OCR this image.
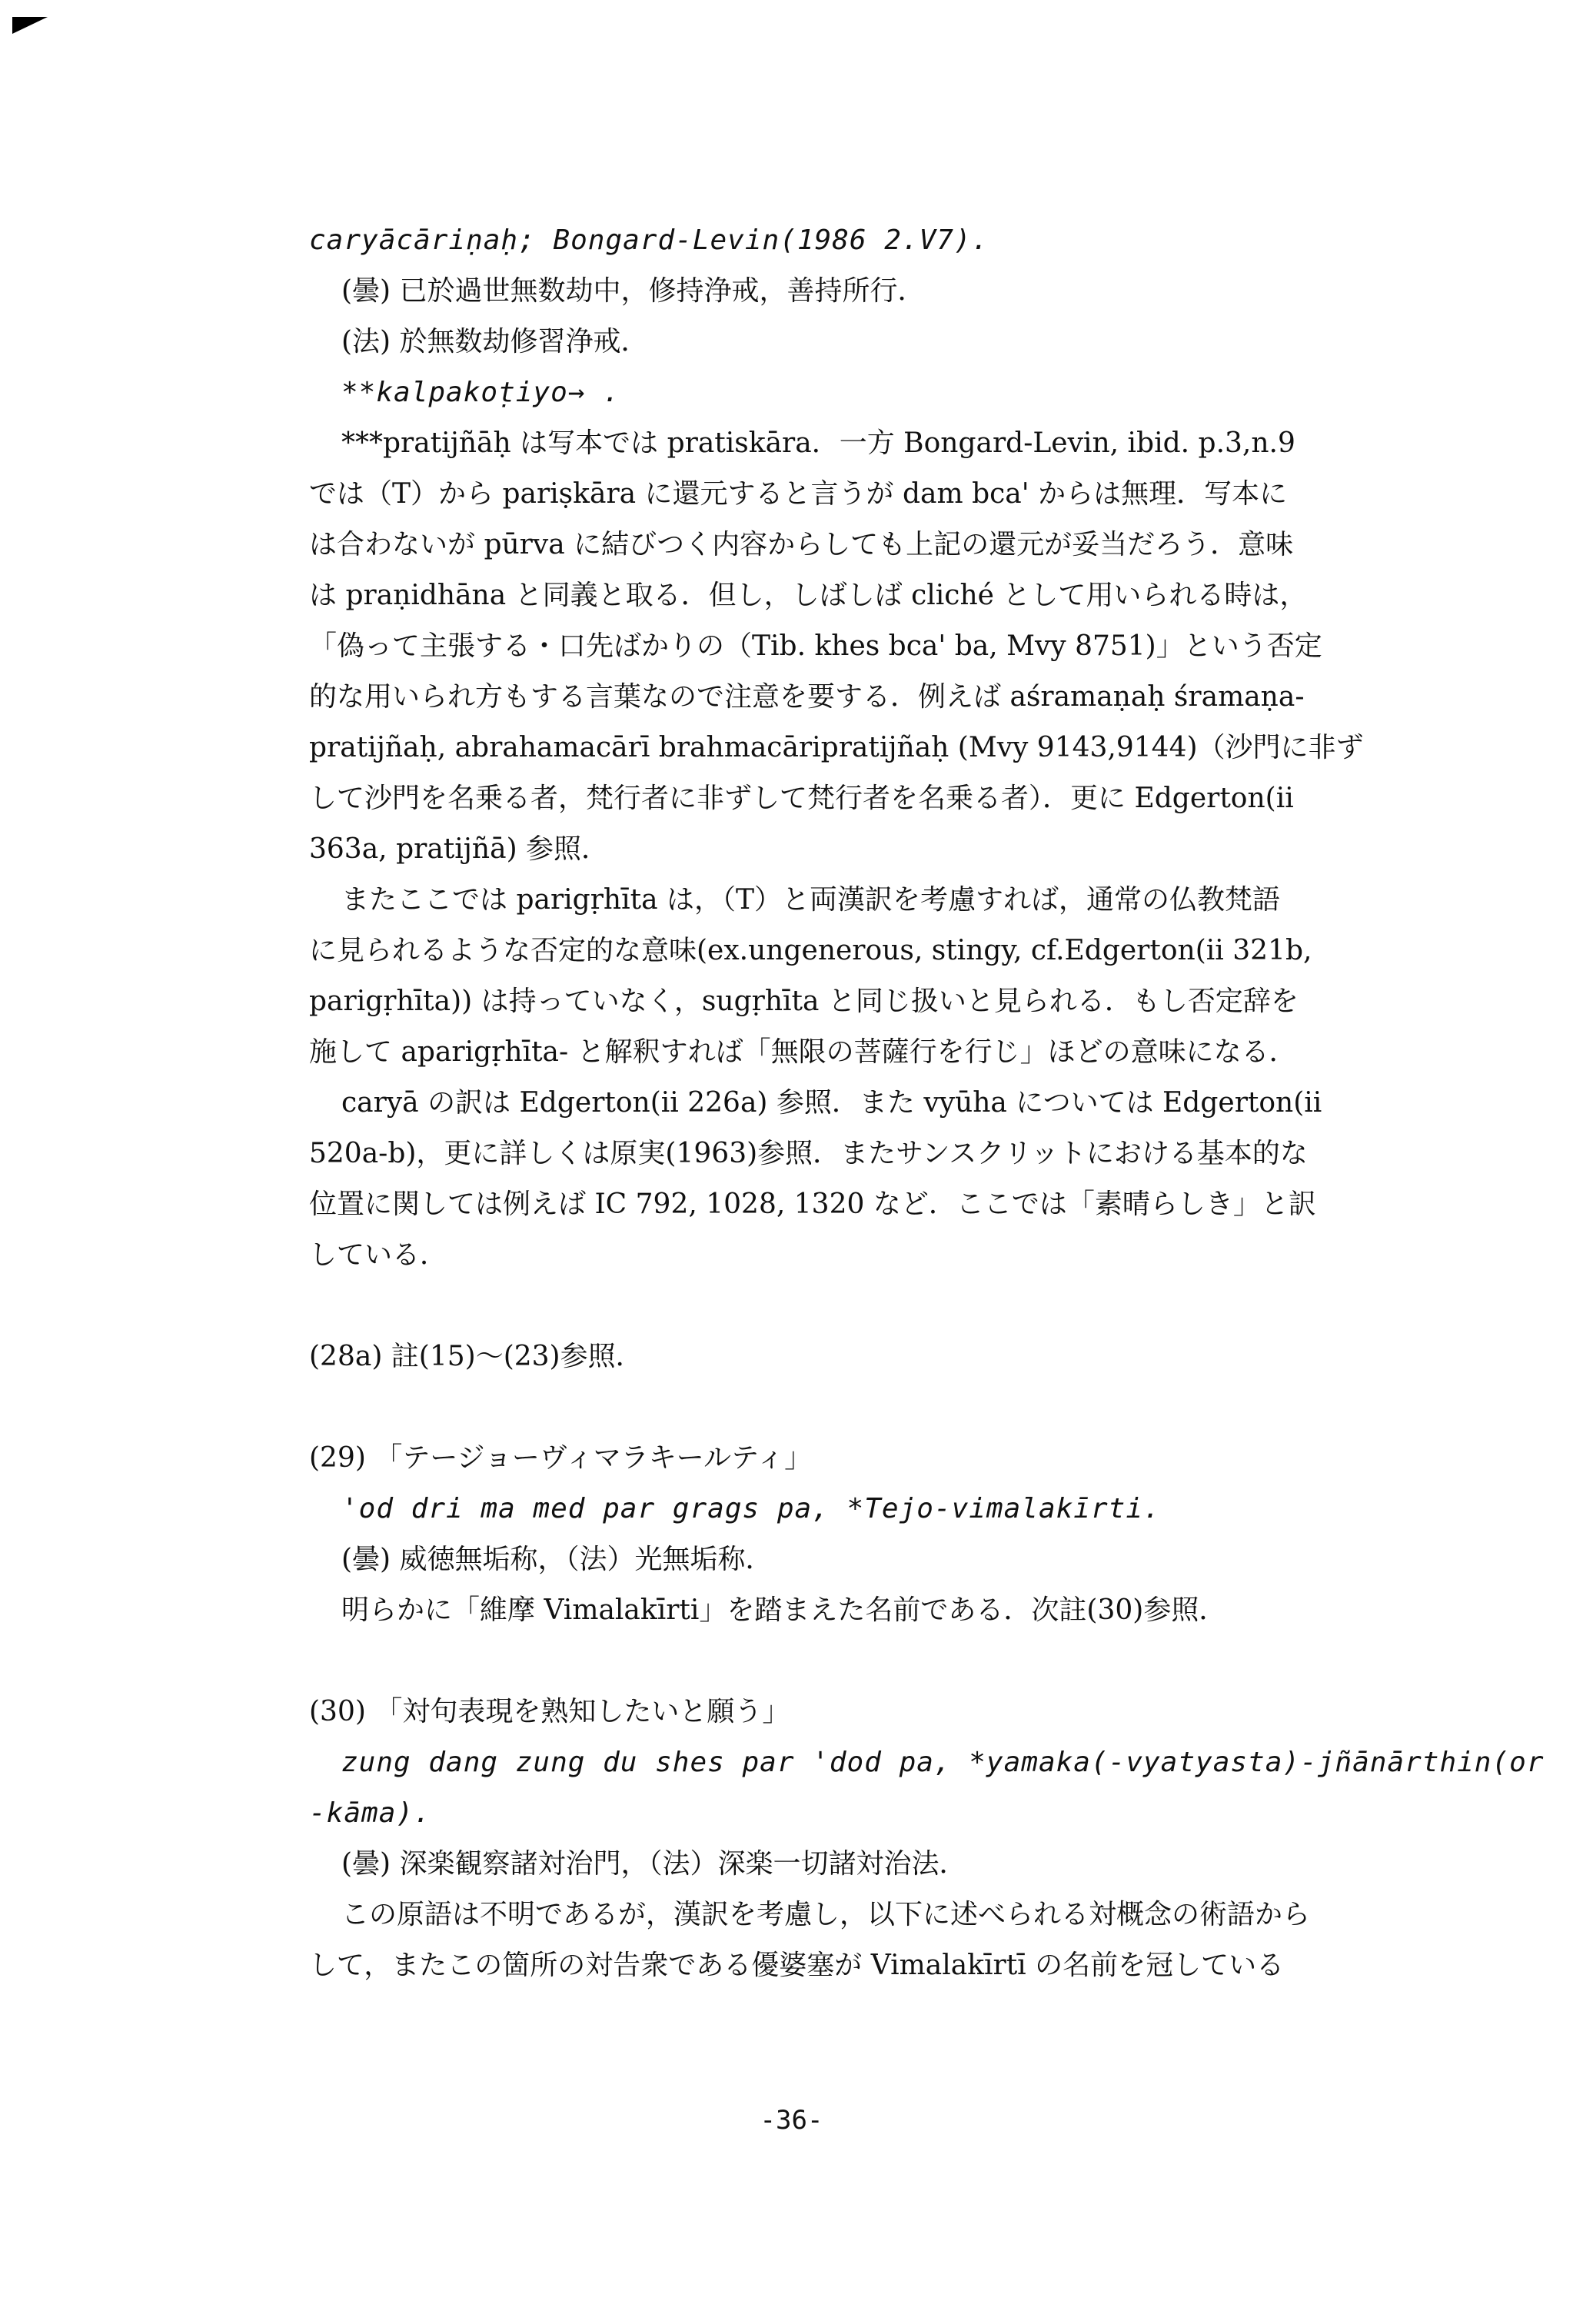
caryācāriṇaḥ; Bongard-Levin(1986 2.V7).
(曇) 已於過世無数劫中，修持浄戒，善持所行．
(法) 於無数劫修習浄戒．
**kalpakoṭiyo→ .
***pratijñāḥ は写本では pratiskāra．一方 Bongard-Levin, ibid. p.3,n.9
では（T）から pariṣkāra に還元すると言うが dam bca' からは無理．写本に
は合わないが pūrva に結びつく内容からしても上記の還元が妥当だろう．意味
は praṇidhāna と同義と取る．但し，しばしば cliché として用いられる時は，
「偽って主張する・口先ばかりの（Tib. khes bca' ba, Mvy 8751)」という否定
的な用いられ方もする言葉なので注意を要する．例えば aśramaṇaḥ śramaṇa-
pratijñaḥ, abrahamacārī brahmacāripratijñaḥ (Mvy 9143,9144)（沙門に非ず
して沙門を名乗る者，梵行者に非ずして梵行者を名乗る者）．更に Edgerton(ii
363a, pratijñā) 参照．
またここでは parigṛhīta は，（T）と両漢訳を考慮すれば，通常の仏教梵語
に見られるような否定的な意味(ex.ungenerous, stingy, cf.Edgerton(ii 321b,
parigṛhīta)) は持っていなく，sugṛhīta と同じ扱いと見られる．もし否定辞を
施して aparigṛhīta- と解釈すれば「無限の菩薩行を行じ」ほどの意味になる．
caryā の訳は Edgerton(ii 226a) 参照．また vyūha については Edgerton(ii
520a-b)，更に詳しくは原実(1963)参照．またサンスクリットにおける基本的な
位置に関しては例えば IC 792, 1028, 1320 など．ここでは「素晴らしき」と訳
している．
(28a) 註(15)～(23)参照．
(29) 「テージョーヴィマラキールティ」
'od dri ma med par grags pa, *Tejo-vimalakīrti.
(曇) 威徳無垢称，（法）光無垢称．
明らかに「維摩 Vimalakīrti」を踏まえた名前である．次註(30)参照．
(30) 「対句表現を熟知したいと願う」
zung dang zung du shes par 'dod pa, *yamaka(-vyatyasta)-jñānārthin(or
-kāma).
(曇) 深楽観察諸対治門，（法）深楽一切諸対治法．
この原語は不明であるが，漢訳を考慮し，以下に述べられる対概念の術語から
して，またこの箇所の対告衆である優婆塞が Vimalakīrtī の名前を冠している
-36-
